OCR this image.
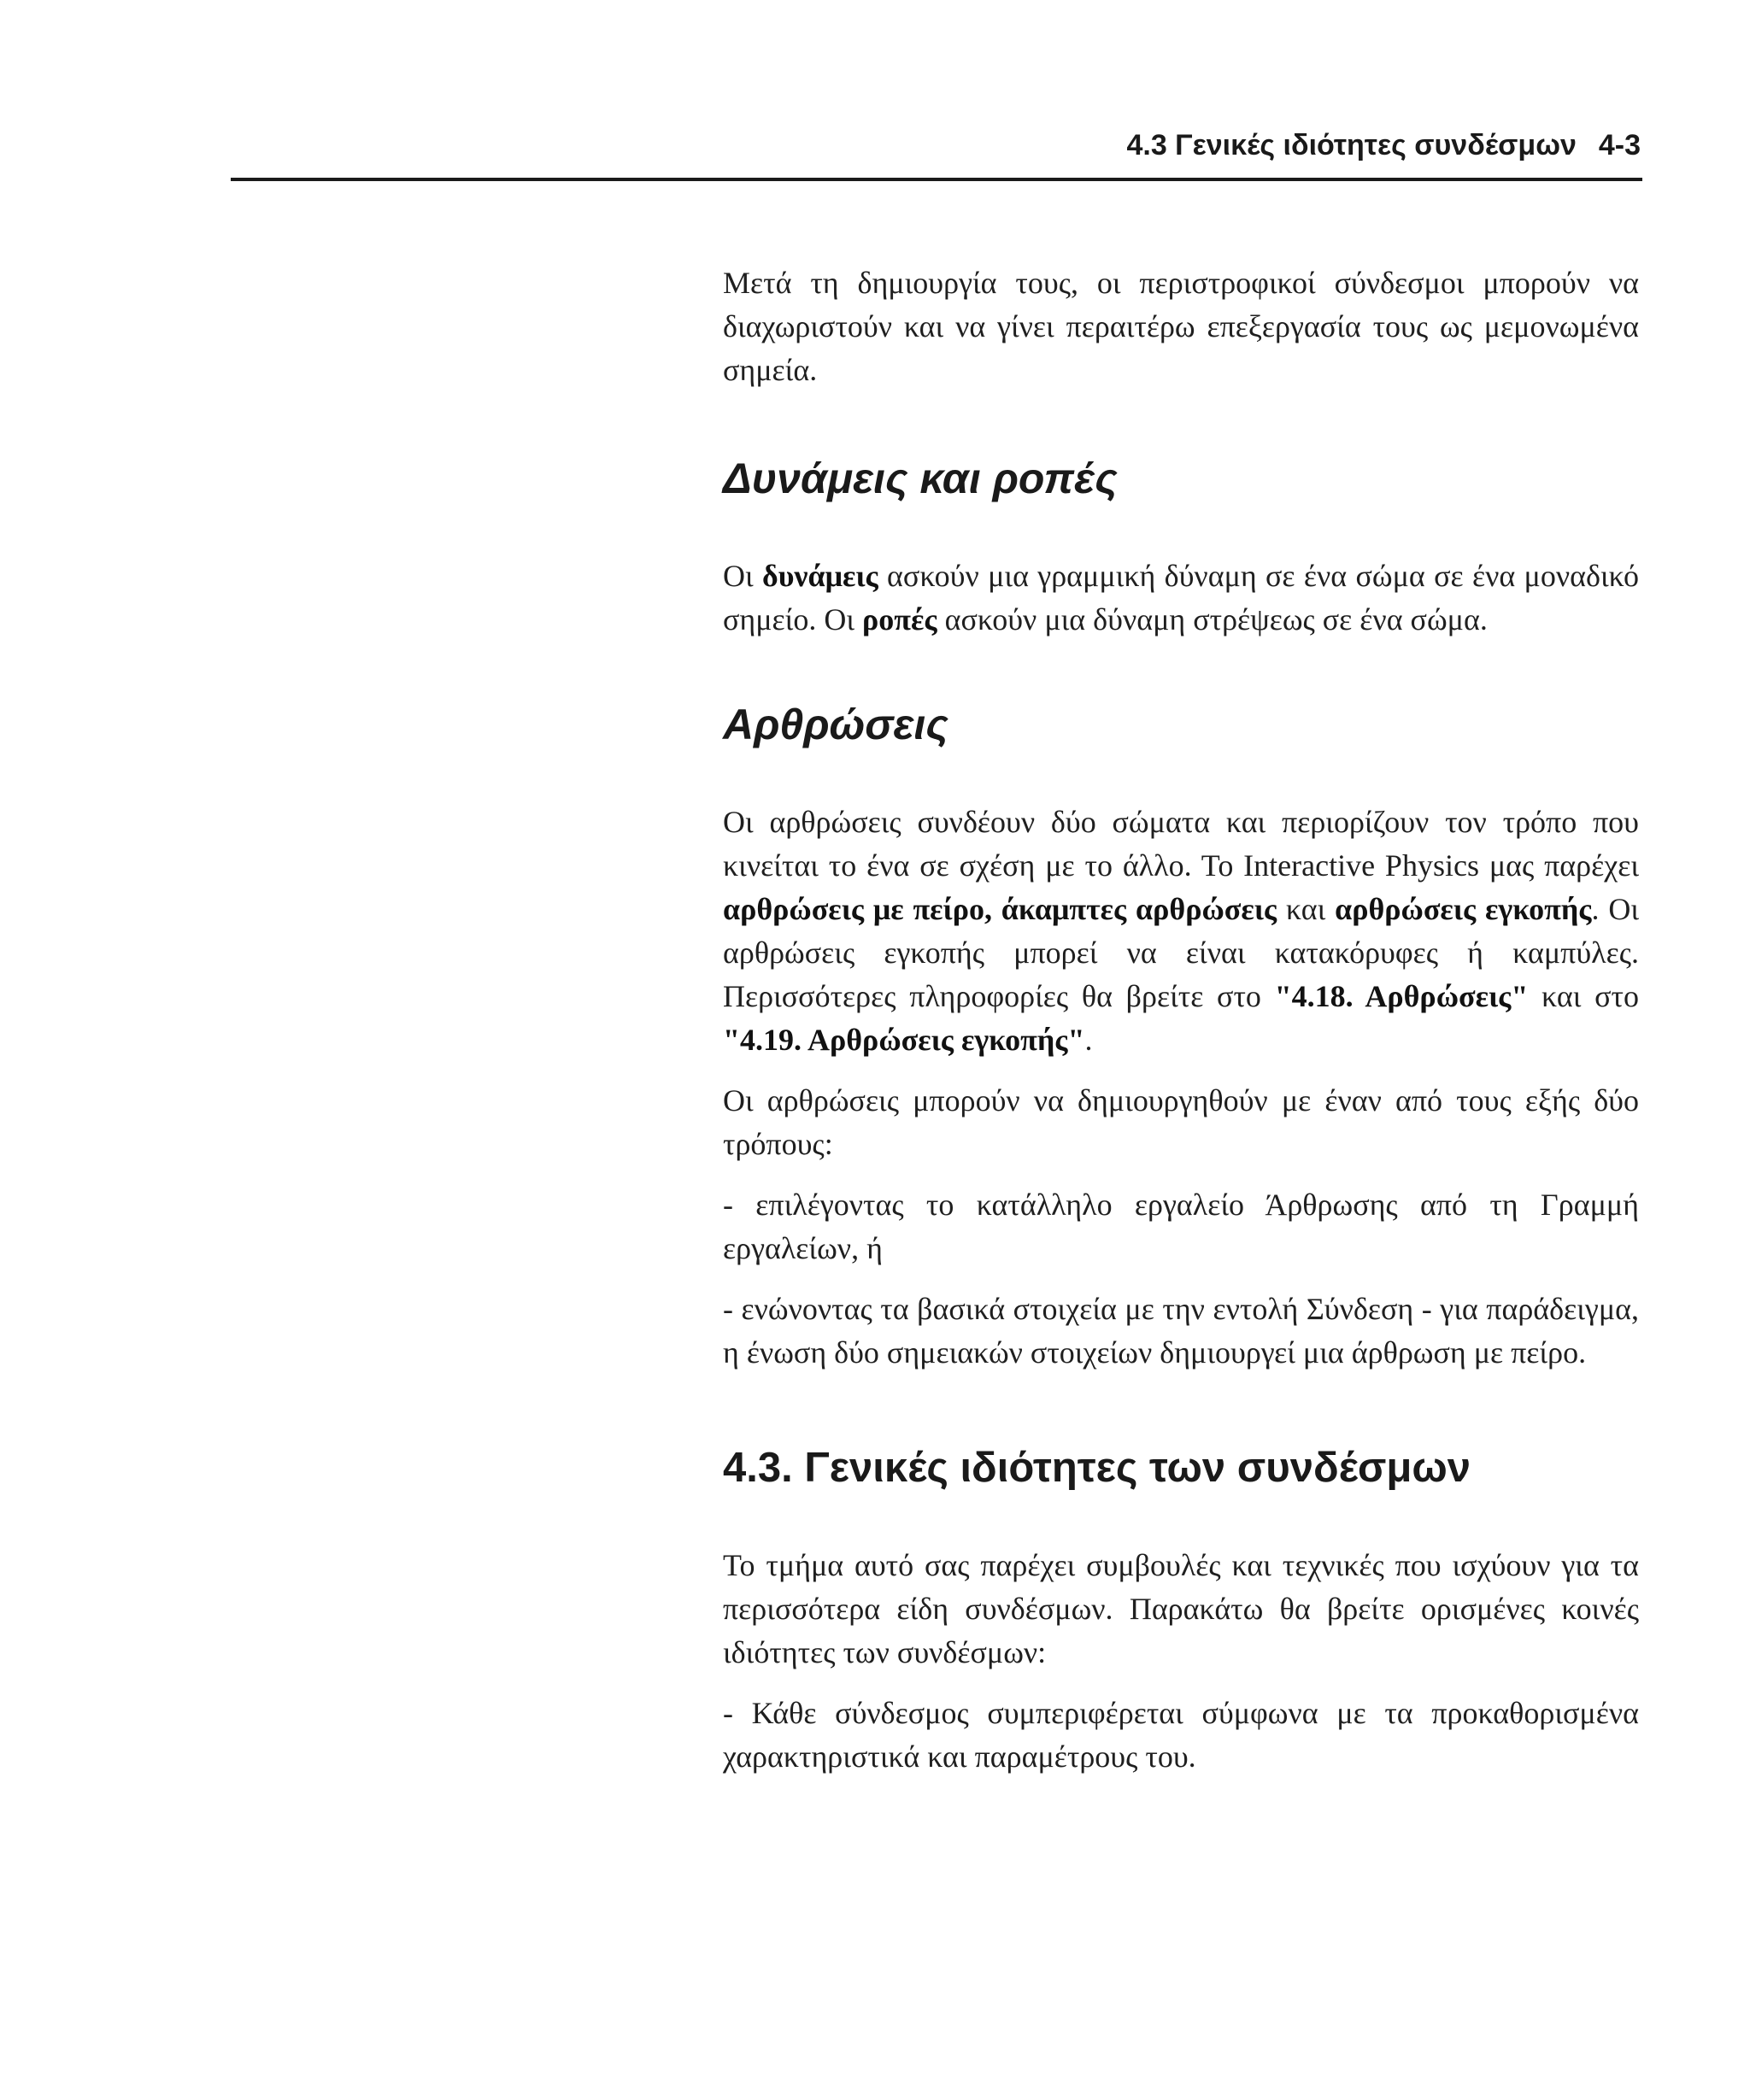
4.3 Γενικές ιδιότητες συνδέσμων 4-3

Μετά τη δημιουργία τους, οι περιστροφικοί σύνδεσμοι μπορούν να διαχωριστούν και να γίνει περαιτέρω επεξεργασία τους ως μεμονωμένα σημεία.

Δυνάμεις και ροπές

Οι δυνάμεις ασκούν μια γραμμική δύναμη σε ένα σώμα σε ένα μοναδικό σημείο. Οι ροπές ασκούν μια δύναμη στρέψεως σε ένα σώμα.

Αρθρώσεις

Οι αρθρώσεις συνδέουν δύο σώματα και περιορίζουν τον τρόπο που κινείται το ένα σε σχέση με το άλλο. Το Interactive Physics μας παρέχει αρθρώσεις με πείρο, άκαμπτες αρθρώσεις και αρθρώσεις εγκοπής. Οι αρθρώσεις εγκοπής μπορεί να είναι κατακόρυφες ή καμπύλες. Περισσότερες πληροφορίες θα βρείτε στο "4.18. Αρθρώσεις" και στο "4.19. Αρθρώσεις εγκοπής".

Οι αρθρώσεις μπορούν να δημιουργηθούν με έναν από τους εξής δύο τρόπους:

- επιλέγοντας το κατάλληλο εργαλείο Άρθρωσης από τη Γραμμή εργαλείων, ή

- ενώνοντας τα βασικά στοιχεία με την εντολή Σύνδεση - για παράδειγμα, η ένωση δύο σημειακών στοιχείων δημιουργεί μια άρθρωση με πείρο.

4.3. Γενικές ιδιότητες των συνδέσμων

Το τμήμα αυτό σας παρέχει συμβουλές και τεχνικές που ισχύουν για τα περισσότερα είδη συνδέσμων. Παρακάτω θα βρείτε ορισμένες κοινές ιδιότητες των συνδέσμων:

- Κάθε σύνδεσμος συμπεριφέρεται σύμφωνα με τα προκαθορισμένα χαρακτηριστικά και παραμέτρους του.
